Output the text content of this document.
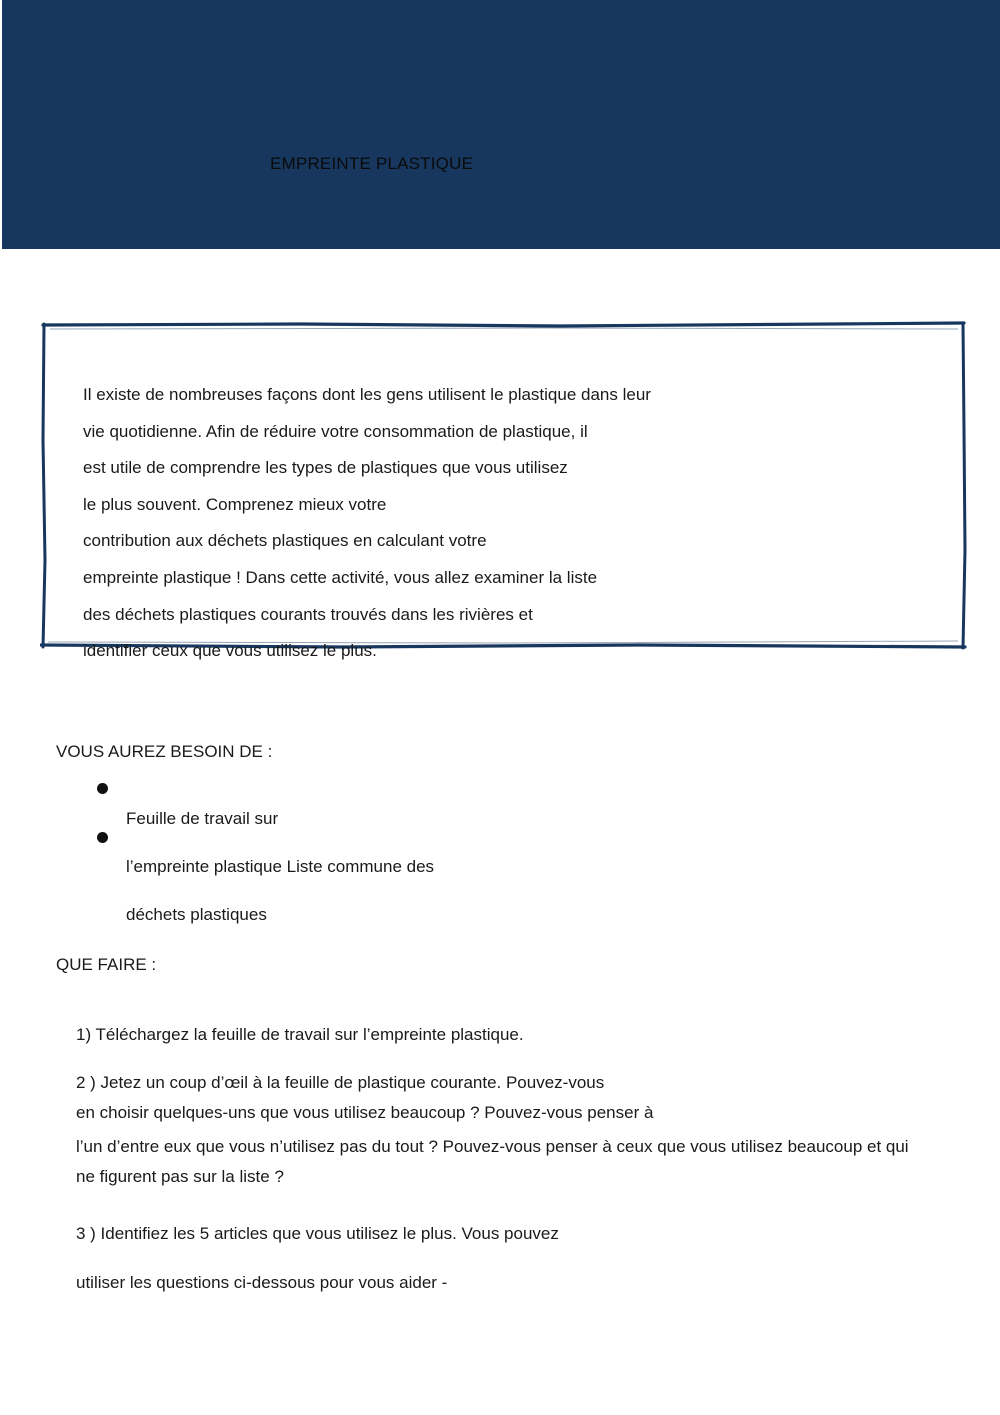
EMPREINTE PLASTIQUE
Il existe de nombreuses façons dont les gens utilisent le plastique dans leur
vie quotidienne. Afin de réduire votre consommation de plastique, il
est utile de comprendre les types de plastiques que vous utilisez
le plus souvent. Comprenez mieux votre
contribution aux déchets plastiques en calculant votre
empreinte plastique ! Dans cette activité, vous allez examiner la liste
des déchets plastiques courants trouvés dans les rivières et
identifier ceux que vous utilisez le plus.
VOUS AUREZ BESOIN DE :
Feuille de travail sur
l’empreinte plastique Liste commune des
déchets plastiques
QUE FAIRE :
1) Téléchargez la feuille de travail sur l’empreinte plastique.
2 ) Jetez un coup d’œil à la feuille de plastique courante. Pouvez-vous
en choisir quelques-uns que vous utilisez beaucoup ? Pouvez-vous penser à
l’un d’entre eux que vous n’utilisez pas du tout ? Pouvez-vous penser à ceux que vous utilisez beaucoup et qui
ne figurent pas sur la liste ?
3 ) Identifiez les 5 articles que vous utilisez le plus. Vous pouvez
utiliser les questions ci-dessous pour vous aider -
